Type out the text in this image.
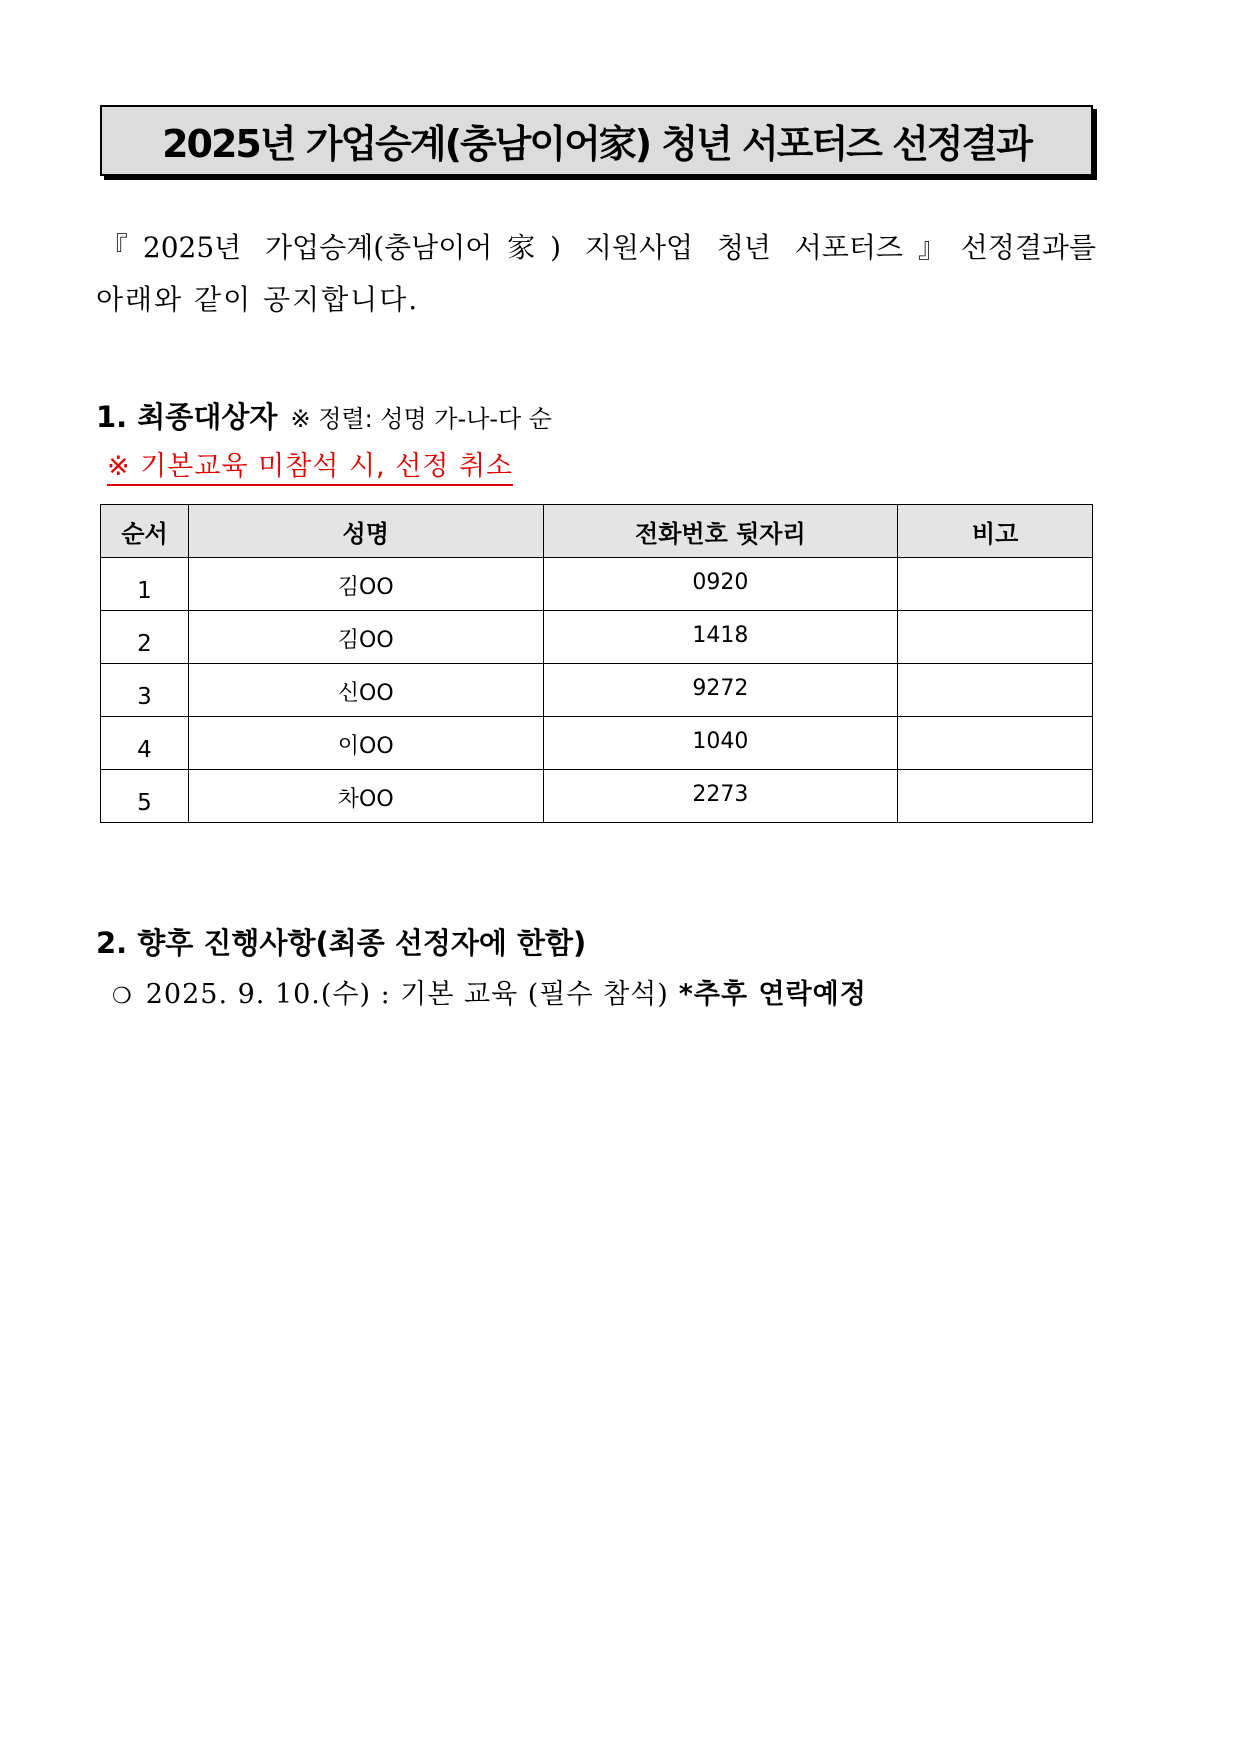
2025년 가업승계(충남이어家) 청년 서포터즈 선정결과
『2025년 가업승계(충남이어家) 지원사업 청년 서포터즈』선정결과를
아래와 같이 공지합니다.
1. 최종대상자 ※ 정렬: 성명 가-나-다 순
※ 기본교육 미참석 시, 선정 취소
순서	성명	전화번호 뒷자리	비고
1	김OO	0920	
2	김OO	1418	
3	신OO	9272	
4	이OO	1040	
5	차OO	2273	
2. 향후 진행사항(최종 선정자에 한함)
❍ 2025. 9. 10.(수) : 기본 교육 (필수 참석) *추후 연락예정
